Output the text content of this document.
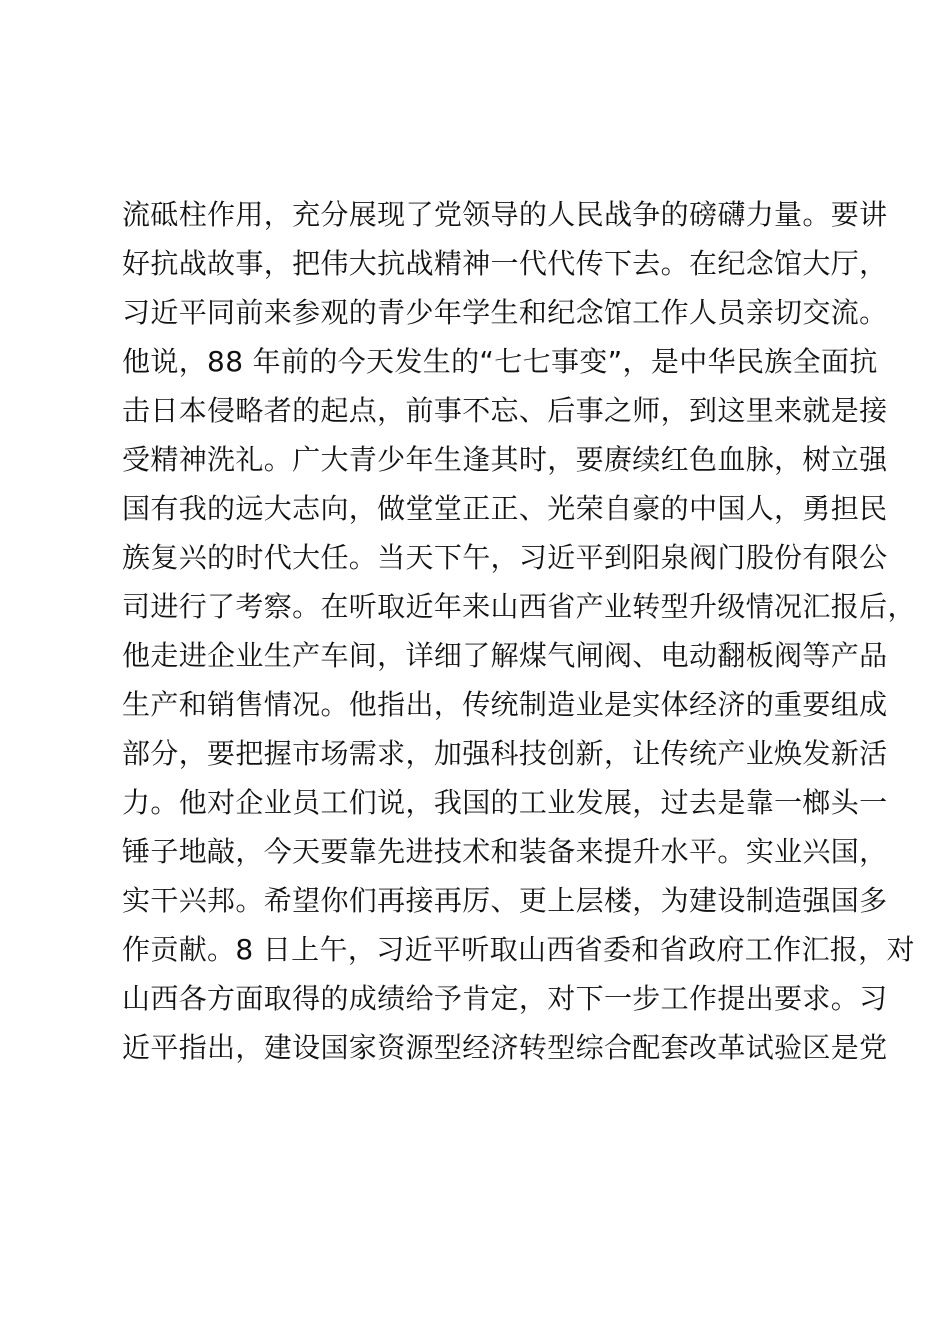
流砥柱作用，充分展现了党领导的人民战争的磅礴力量。要讲
好抗战故事，把伟大抗战精神一代代传下去。在纪念馆大厅，
习近平同前来参观的青少年学生和纪念馆工作人员亲切交流。
他说，88 年前的今天发生的“七七事变”，是中华民族全面抗
击日本侵略者的起点，前事不忘、后事之师，到这里来就是接
受精神洗礼。广大青少年生逢其时，要赓续红色血脉，树立强
国有我的远大志向，做堂堂正正、光荣自豪的中国人，勇担民
族复兴的时代大任。当天下午，习近平到阳泉阀门股份有限公
司进行了考察。在听取近年来山西省产业转型升级情况汇报后，
他走进企业生产车间，详细了解煤气闸阀、电动翻板阀等产品
生产和销售情况。他指出，传统制造业是实体经济的重要组成
部分，要把握市场需求，加强科技创新，让传统产业焕发新活
力。他对企业员工们说，我国的工业发展，过去是靠一榔头一
锤子地敲，今天要靠先进技术和装备来提升水平。实业兴国，
实干兴邦。希望你们再接再厉、更上层楼，为建设制造强国多
作贡献。8 日上午，习近平听取山西省委和省政府工作汇报，对
山西各方面取得的成绩给予肯定，对下一步工作提出要求。习
近平指出，建设国家资源型经济转型综合配套改革试验区是党
